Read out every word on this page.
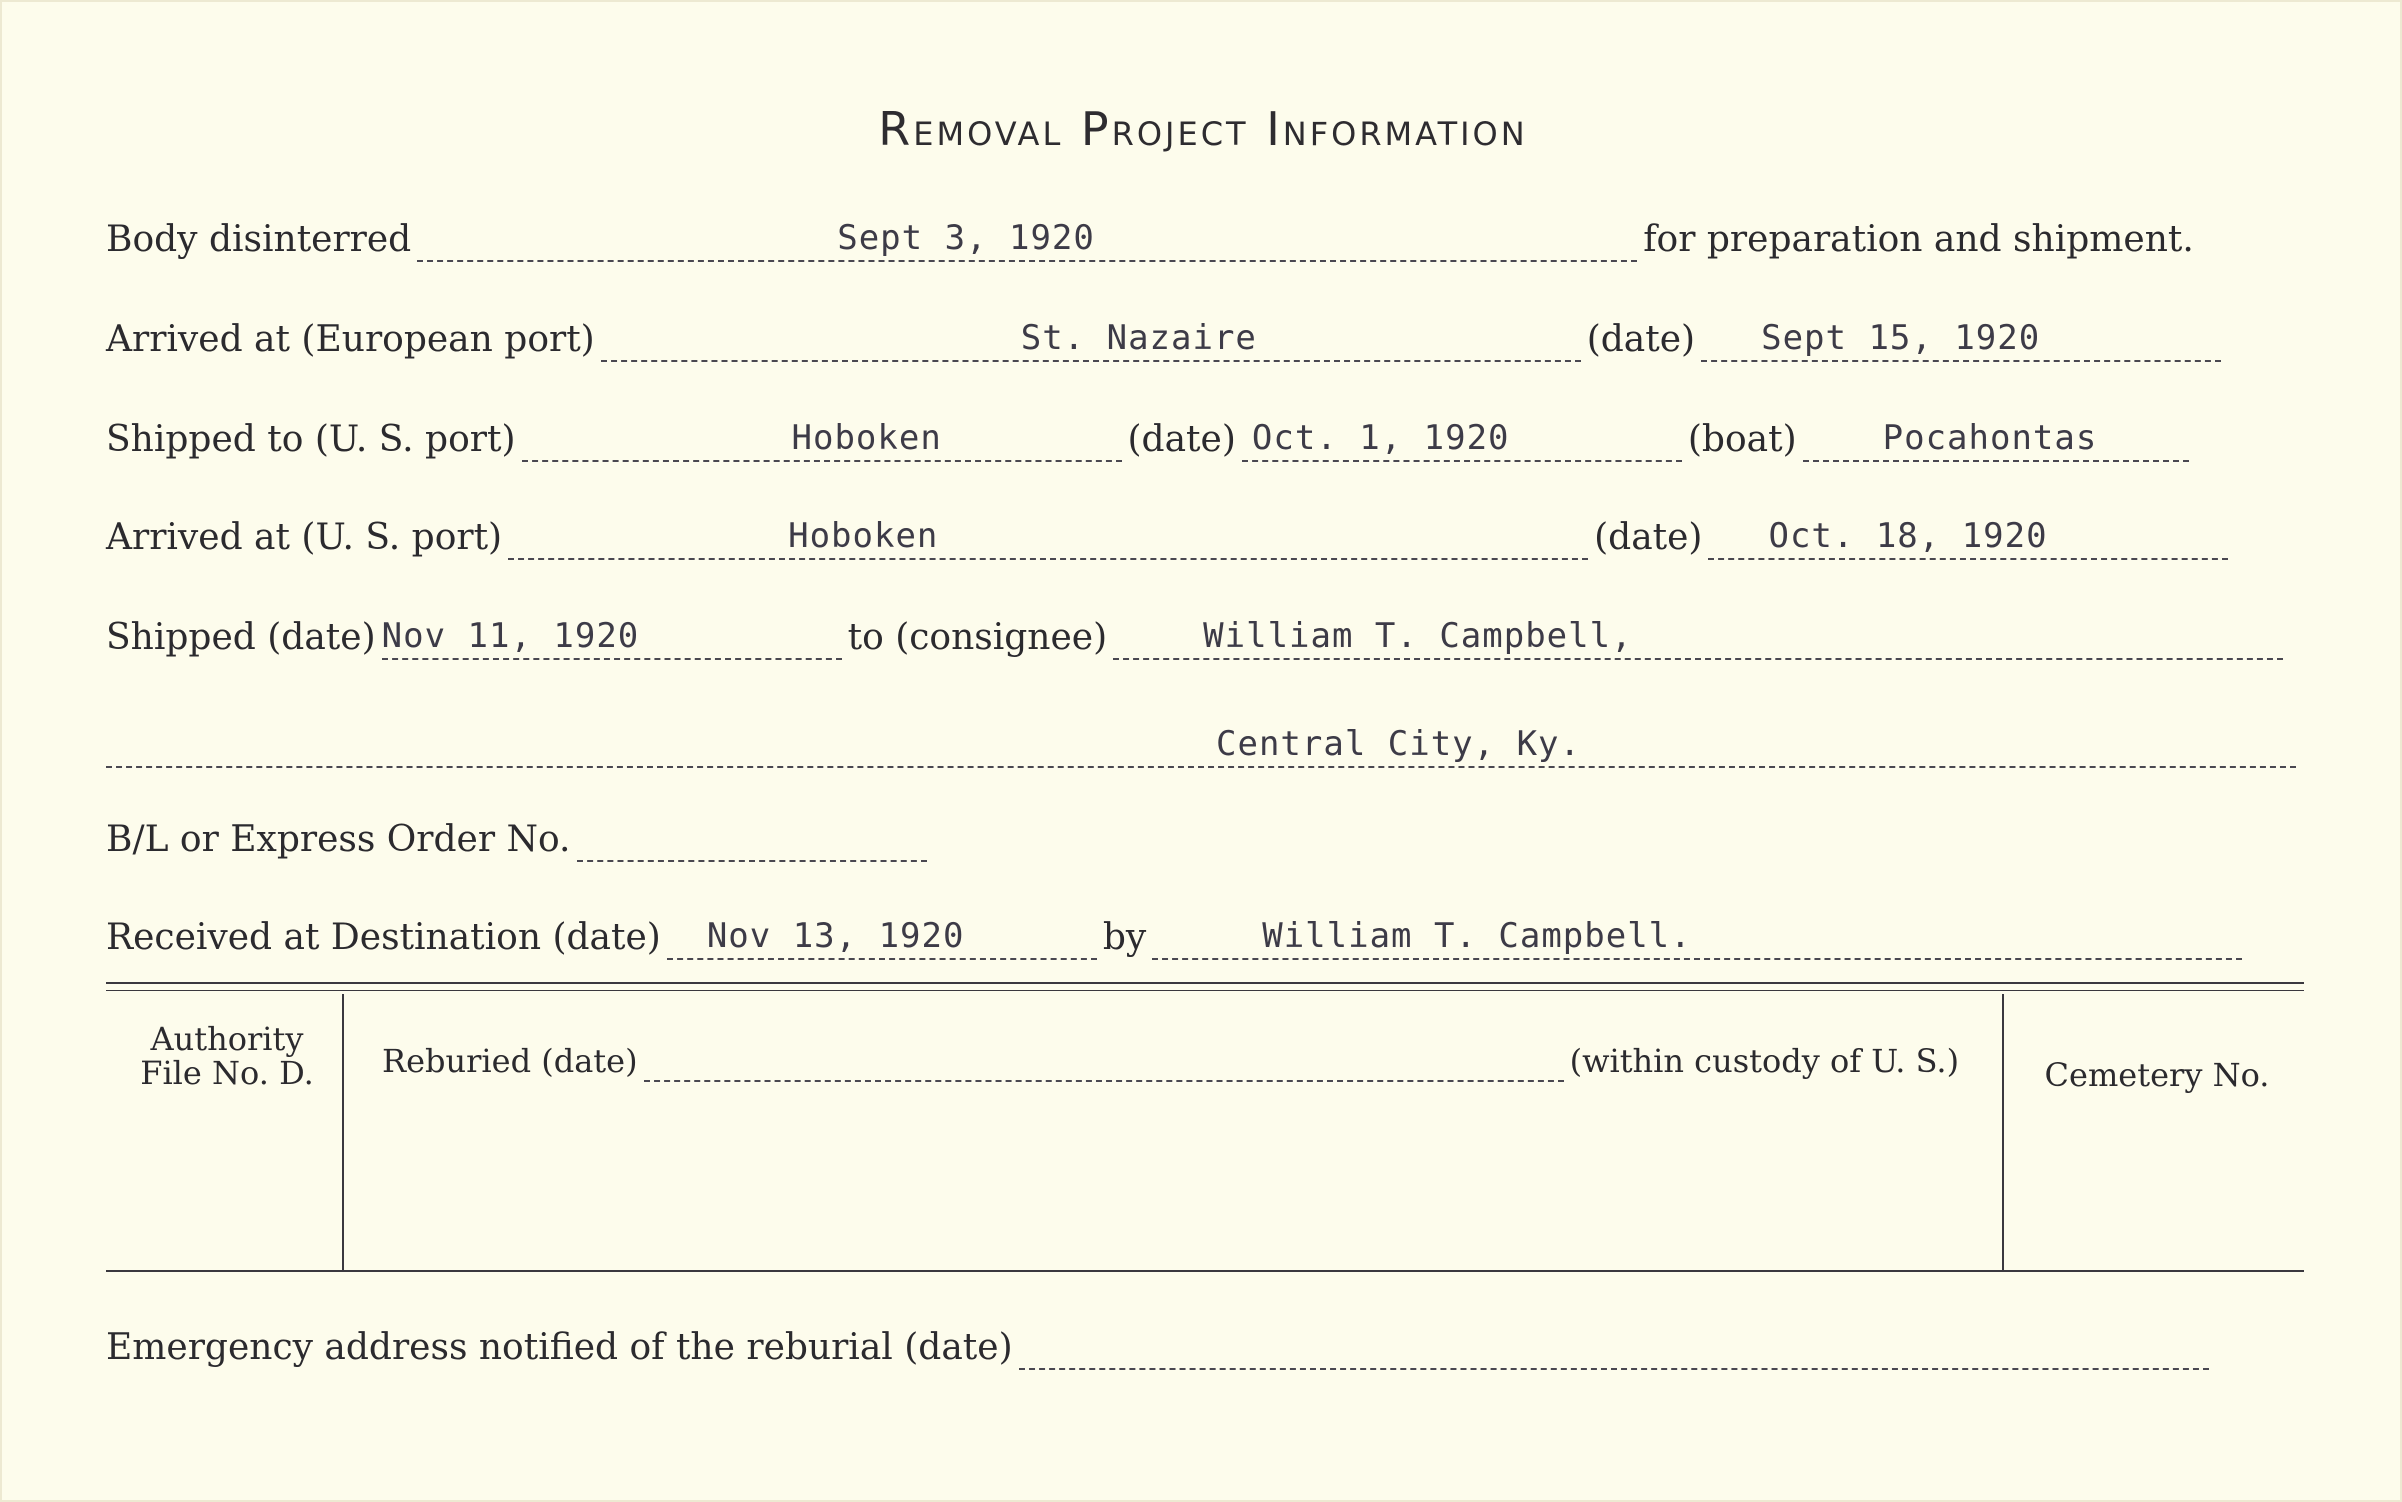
Removal Project Information
Body disinterred	Sept 3, 1920	for preparation and shipment.
Arrived at (European port)	St. Nazaire	(date) Sept 15, 1920
Shipped to (U. S. port)	Hoboken	(date) Oct. 1, 1920	(boat)	Pocahontas
Arrived at (U. S. port)	Hoboken	(date) Oct. 18, 1920
Shipped (date) Nov 11, 1920	to (consignee)	William T. Campbell,
Central City, Ky.
B/L or Express Order No.
Received at Destination (date) Nov 13, 1920	by	William T. Campbell.
Authority
File No. D.	Reburied (date)	(within custody of U. S.)	Cemetery No.
Emergency address notified of the reburial (date)
